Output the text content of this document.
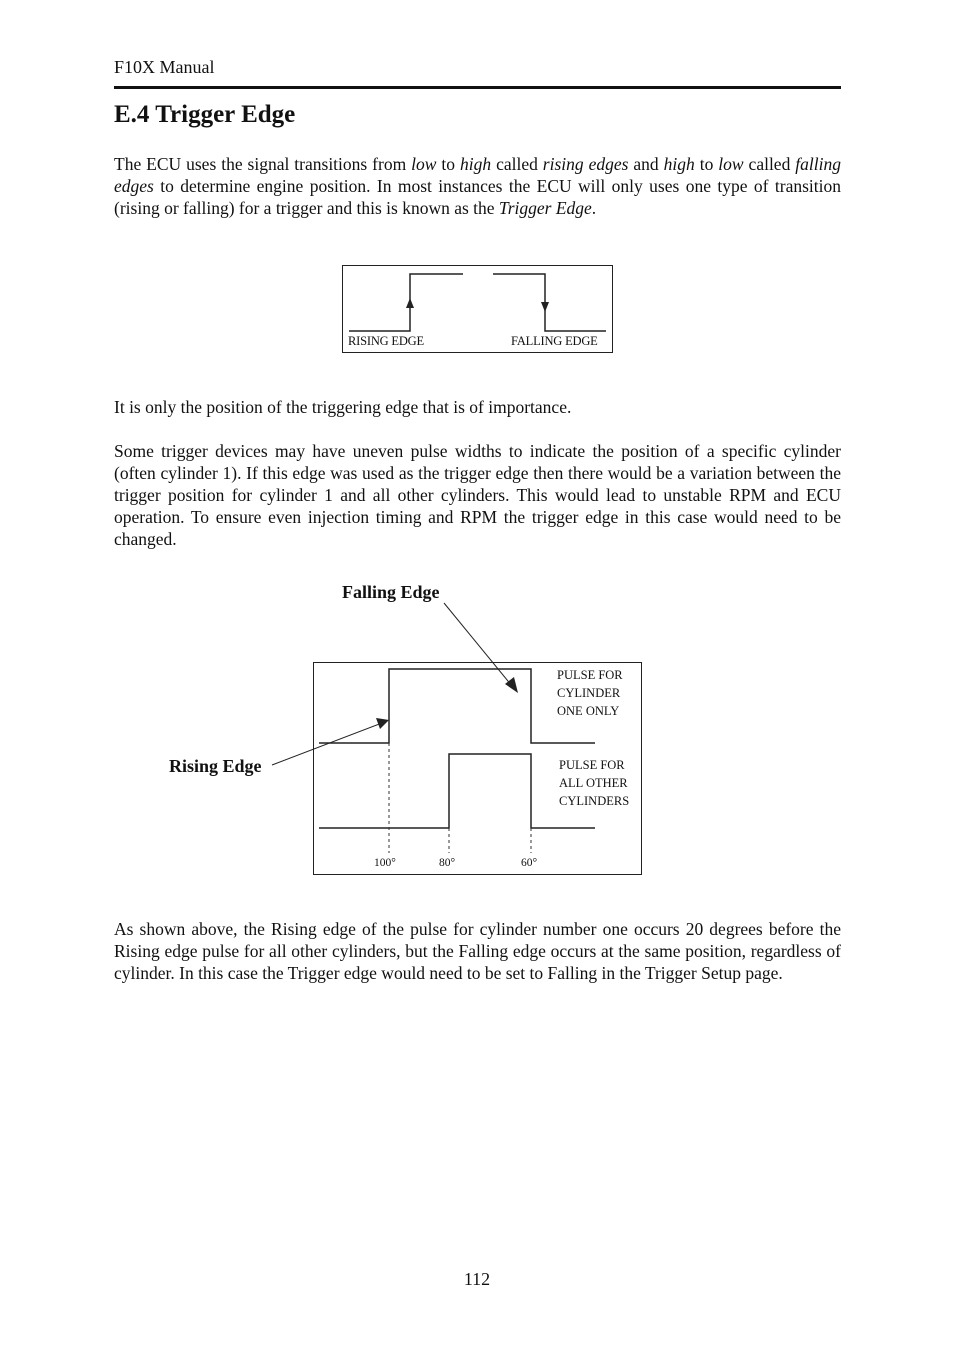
F10X Manual
E.4 Trigger Edge

The ECU uses the signal transitions from low to high called rising edges and high to low called falling edges to determine engine position. In most instances the ECU will only uses one type of transition (rising or falling) for a trigger and this is known as the Trigger Edge.

RISING EDGE	FALLING EDGE

It is only the position of the triggering edge that is of importance.

Some trigger devices may have uneven pulse widths to indicate the position of a specific cylinder (often cylinder 1). If this edge was used as the trigger edge then there would be a variation between the trigger position for cylinder 1 and all other cylinders. This would lead to unstable RPM and ECU operation. To ensure even injection timing and RPM the trigger edge in this case would need to be changed.

Falling Edge
Rising Edge
PULSE FOR
CYLINDER
ONE ONLY
PULSE FOR
ALL OTHER
CYLINDERS
100°	80°	60°

As shown above, the Rising edge of the pulse for cylinder number one occurs 20 degrees before the Rising edge pulse for all other cylinders, but the Falling edge occurs at the same position, regardless of cylinder. In this case the Trigger edge would need to be set to Falling in the Trigger Setup page.

112
